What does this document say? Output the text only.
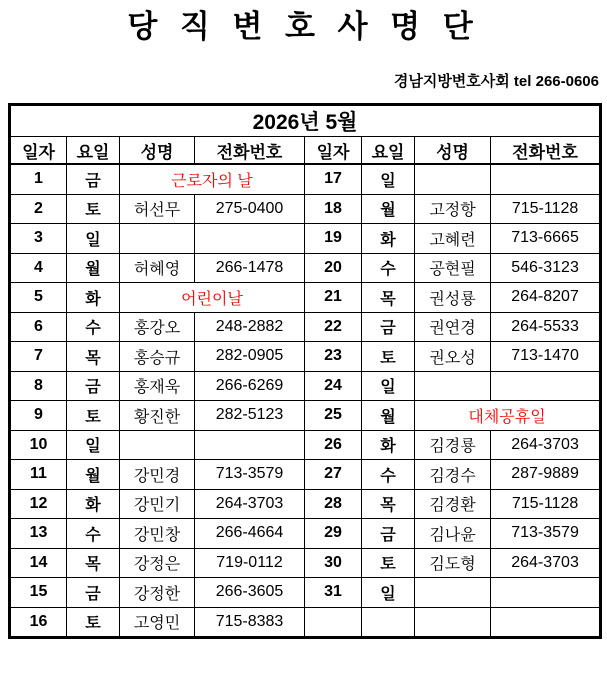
당 직 변 호 사 명 단
경남지방변호사회 tel 266-0606
2026년 5월							
일자	요일	성명	전화번호	일자	요일	성명	전화번호
1	금	근로자의 날		17	일		
2	토	허선무	275-0400	18	월	고정항	715-1128
3	일			19	화	고혜련	713-6665
4	월	허혜영	266-1478	20	수	공현필	546-3123
5	화	어린이날		21	목	권성룡	264-8207
6	수	홍강오	248-2882	22	금	권연경	264-5533
7	목	홍승규	282-0905	23	토	권오성	713-1470
8	금	홍재욱	266-6269	24	일		
9	토	황진한	282-5123	25	월	대체공휴일	
10	일			26	화	김경룡	264-3703
11	월	강민경	713-3579	27	수	김경수	287-9889
12	화	강민기	264-3703	28	목	김경환	715-1128
13	수	강민창	266-4664	29	금	김나윤	713-3579
14	목	강정은	719-0112	30	토	김도형	264-3703
15	금	강정한	266-3605	31	일		
16	토	고영민	715-8383				
